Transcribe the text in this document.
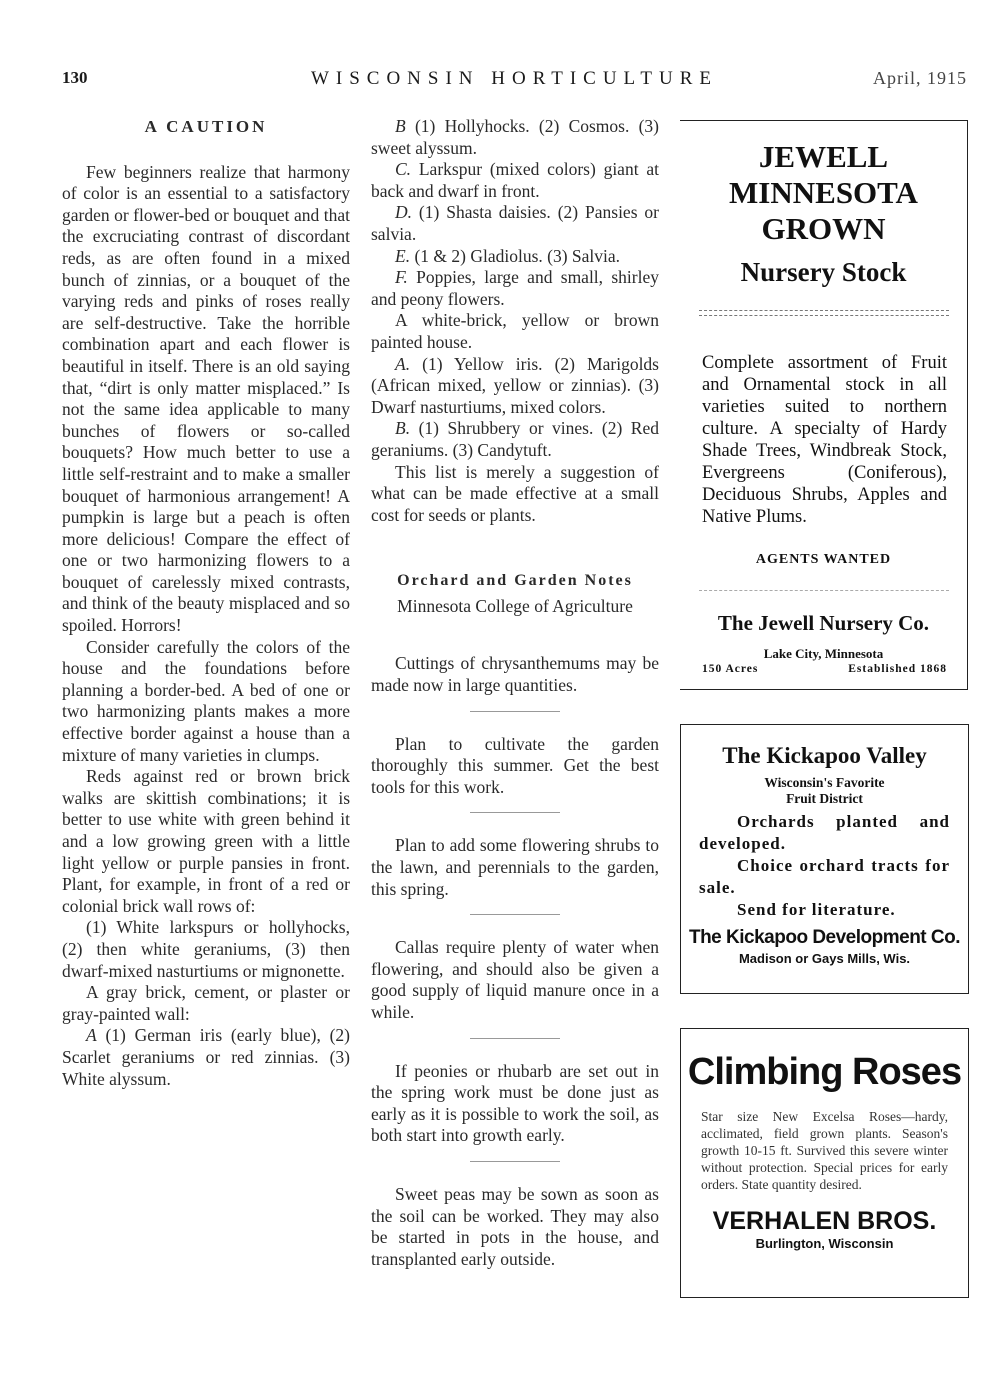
130	WISCONSIN HORTICULTURE	April, 1915
A CAUTION

Few beginners realize that harmony of color is an essential to a satisfactory garden or flower-bed or bouquet and that the excruciating contrast of discordant reds, as are often found in a mixed bunch of zinnias, or a bouquet of the varying reds and pinks of roses really are self-destructive. Take the horrible combination apart and each flower is beautiful in itself. There is an old saying that, “dirt is only matter misplaced.” Is not the same idea applicable to many bunches of flowers or so-called bouquets? How much better to use a little self-restraint and to make a smaller bouquet of harmonious arrangement! A pumpkin is large but a peach is often more delicious! Compare the effect of one or two harmonizing flowers to a bouquet of carelessly mixed contrasts, and think of the beauty misplaced and so spoiled. Horrors!

Consider carefully the colors of the house and the foundations before planning a border-bed. A bed of one or two harmonizing plants makes a more effective border against a house than a mixture of many varieties in clumps.

Reds against red or brown brick walks are skittish combinations; it is better to use white with green behind it and a low growing green with a little light yellow or purple pansies in front. Plant, for example, in front of a red or colonial brick wall rows of:

(1) White larkspurs or hollyhocks, (2) then white geraniums, (3) then dwarf-mixed nasturtiums or mignonette.

A gray brick, cement, or plaster or gray-painted wall:

A (1) German iris (early blue), (2) Scarlet geraniums or red zinnias. (3) White alyssum.

B (1) Hollyhocks. (2) Cosmos. (3) sweet alyssum.

C. Larkspur (mixed colors) giant at back and dwarf in front.

D. (1) Shasta daisies. (2) Pansies or salvia.

E. (1 & 2) Gladiolus. (3) Salvia.

F. Poppies, large and small, shirley and peony flowers.

A white-brick, yellow or brown painted house.

A. (1) Yellow iris. (2) Marigolds (African mixed, yellow or zinnias). (3) Dwarf nasturtiums, mixed colors.

B. (1) Shrubbery or vines. (2) Red geraniums. (3) Candytuft.

This list is merely a suggestion of what can be made effective at a small cost for seeds or plants.

Orchard and Garden Notes

Minnesota College of Agriculture

Cuttings of chrysanthemums may be made now in large quantities.

Plan to cultivate the garden thoroughly this summer. Get the best tools for this work.

Plan to add some flowering shrubs to the lawn, and perennials to the garden, this spring.

Callas require plenty of water when flowering, and should also be given a good supply of liquid manure once in a while.

If peonies or rhubarb are set out in the spring work must be done just as early as it is possible to work the soil, as both start into growth early.

Sweet peas may be sown as soon as the soil can be worked. They may also be started in pots in the house, and transplanted early outside.

JEWELL
MINNESOTA
GROWN
Nursery Stock
Complete assortment of Fruit and Ornamental stock in all varieties suited to northern culture. A specialty of Hardy Shade Trees, Windbreak Stock, Evergreens (Coniferous), Deciduous Shrubs, Apples and Native Plums.
AGENTS WANTED
The Jewell Nursery Co.
Lake City, Minnesota
150 Acres	Established 1868
The Kickapoo Valley
Wisconsin's Favorite
Fruit District
Orchards planted and developed.
Choice orchard tracts for sale.
Send for literature.
The Kickapoo Development Co.
Madison or Gays Mills, Wis.
Climbing Roses
Star size New Excelsa Roses—hardy, acclimated, field grown plants. Season's growth 10-15 ft. Survived this severe winter without protection. Special prices for early orders. State quantity desired.
VERHALEN BROS.
Burlington, Wisconsin
